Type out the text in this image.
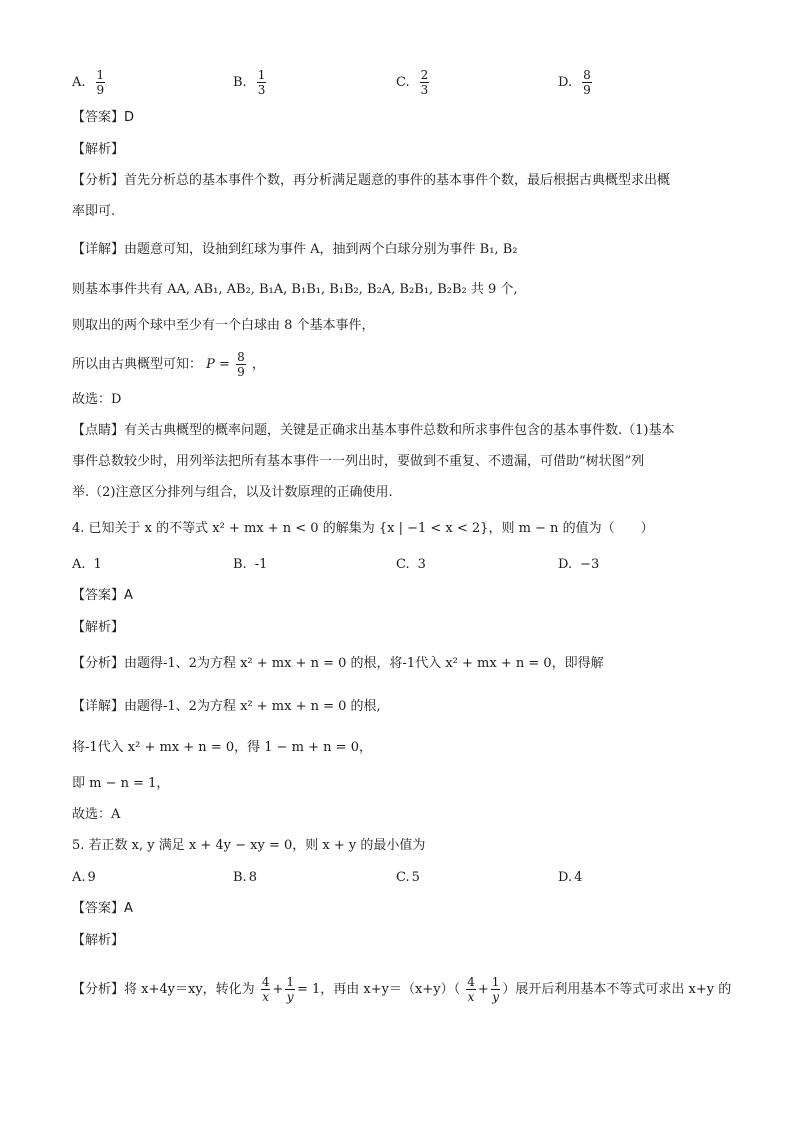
A. $\frac{1}{9}$	B. $\frac{1}{3}$	C. $\frac{2}{3}$	D. $\frac{8}{9}$
【答案】D
【解析】
【分析】首先分析总的基本事件个数，再分析满足题意的事件的基本事件个数，最后根据古典概型求出概
率即可.
【详解】由题意可知，设抽到红球为事件 A，抽到两个白球分别为事件 B₁, B₂
则基本事件共有 AA, AB₁, AB₂, B₁A, B₁B₁, B₁B₂, B₂A, B₂B₁, B₂B₂ 共 9 个,
则取出的两个球中至少有一个白球由 8 个基本事件，
所以由古典概型可知： $P = \frac{8}{9}$ ，
故选：D
【点睛】有关古典概型的概率问题，关键是正确求出基本事件总数和所求事件包含的基本事件数.（1)基本
事件总数较少时，用列举法把所有基本事件一一列出时，要做到不重复、不遗漏，可借助“树状图”列
举.（2)注意区分排列与组合，以及计数原理的正确使用.
4. 已知关于 x 的不等式 x² + mx + n < 0 的解集为 {x | −1 < x < 2}，则 m − n 的值为（　　）
A. 1	B. -1	C. 3	D. −3
【答案】A
【解析】
【分析】由题得-1、2为方程 x² + mx + n = 0 的根，将-1代入 x² + mx + n = 0，即得解
【详解】由题得-1、2为方程 x² + mx + n = 0 的根,
将-1代入 x² + mx + n = 0，得 1 − m + n = 0，
即 m − n = 1，
故选：A
5. 若正数 x, y 满足 x + 4y − xy = 0，则 x + y 的最小值为
A. 9	B. 8	C. 5	D. 4
【答案】A
【解析】
【分析】将 x+4y＝xy，转化为 $\frac{4}{x} + \frac{1}{y} = 1$，再由 $x+y=(x+y)( \frac{4}{x} + \frac{1}{y}$ ）展开后利用基本不等式可求出 x+y 的
